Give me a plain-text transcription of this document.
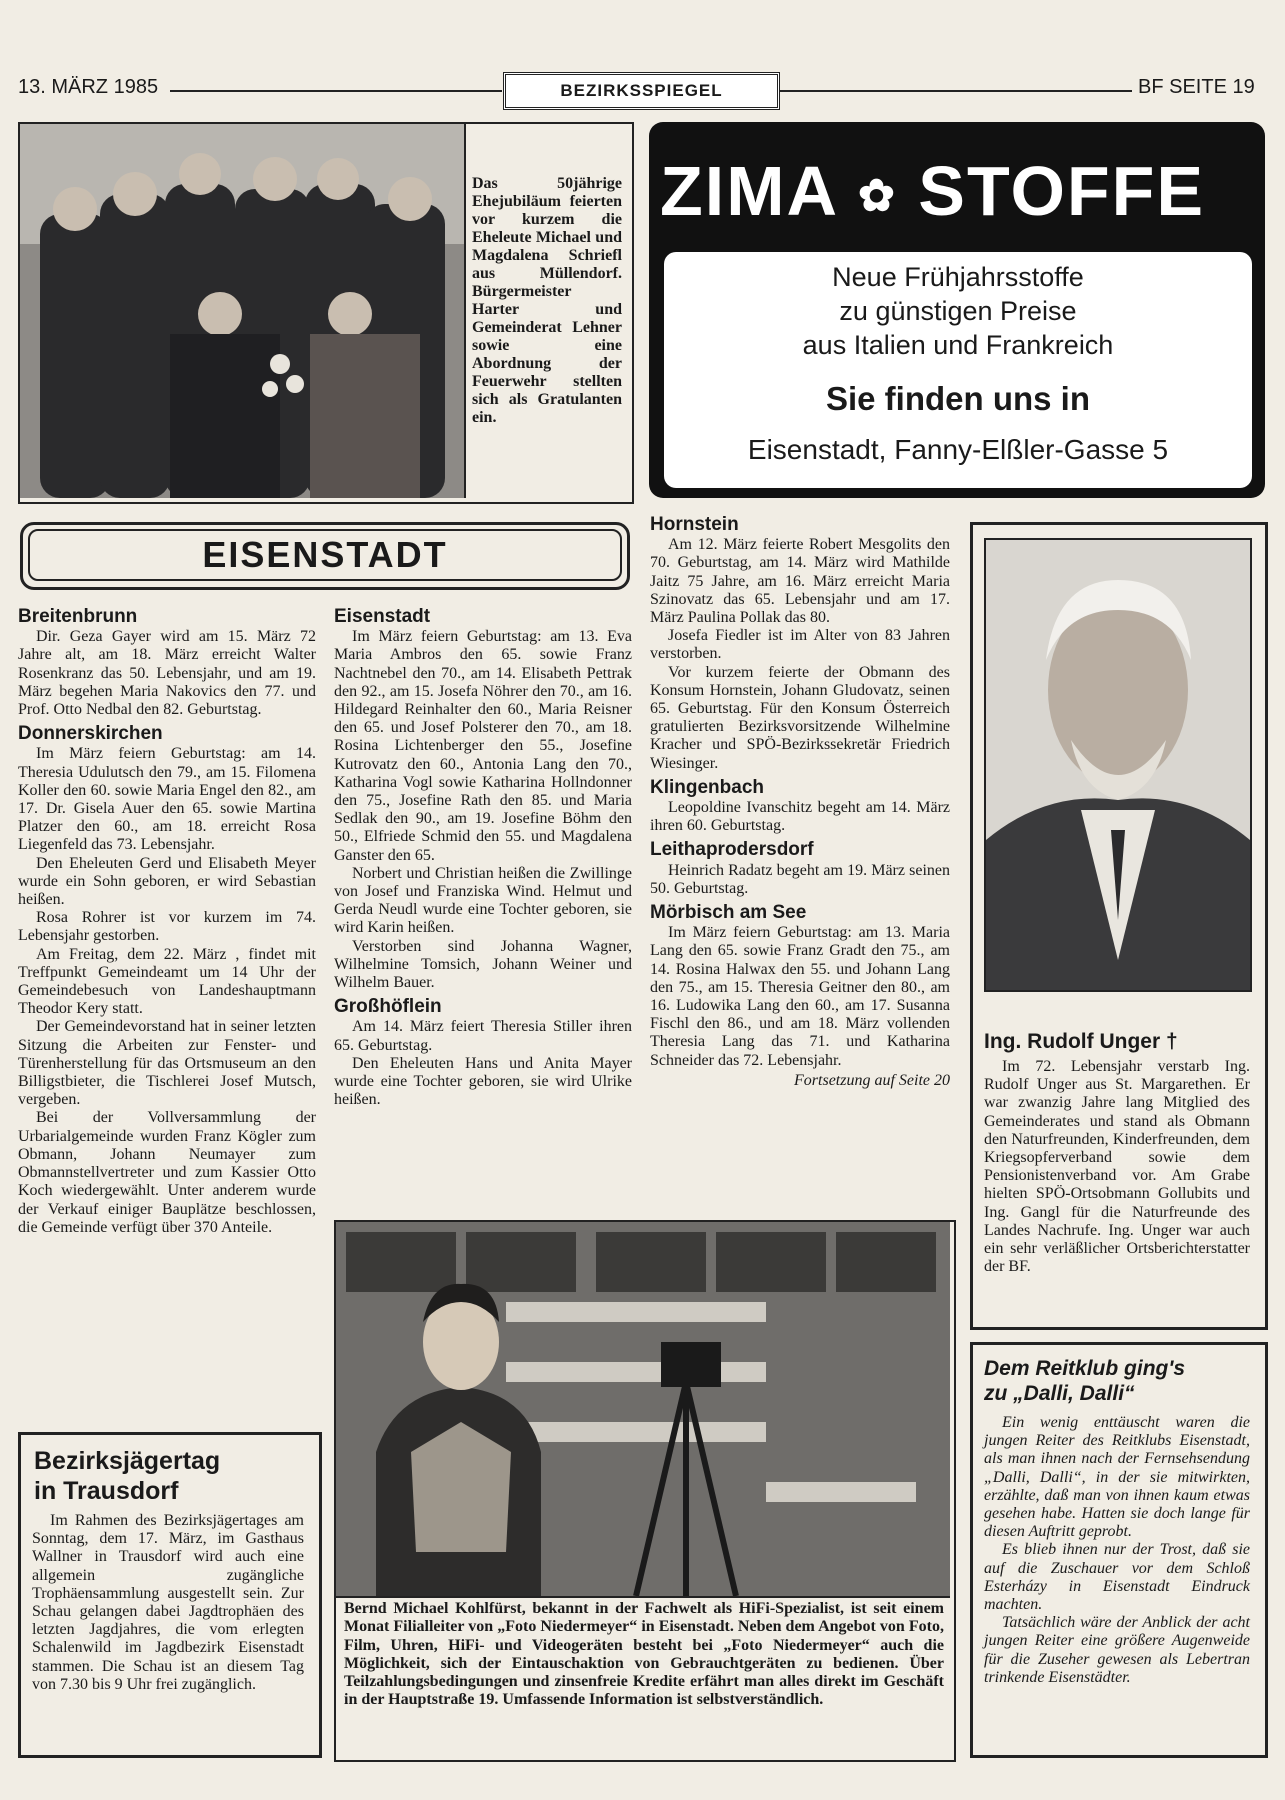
13. MÄRZ 1985	BEZIRKSSPIEGEL	BF SEITE 19
Das 50jährige Ehejubiläum feierten vor kurzem die Eheleute Michael und Magdalena Schriefl aus Müllendorf. Bürgermeister Harter und Gemeinderat Lehner sowie eine Abordnung der Feuerwehr stellten sich als Gratulanten ein.
ZIMA ✿ STOFFE
Neue Frühjahrsstoffe
zu günstigen Preise
aus Italien und Frankreich
Sie finden uns in
Eisenstadt, Fanny-Elßler-Gasse 5
EISENSTADT
Breitenbrunn

Dir. Geza Gayer wird am 15. März 72 Jahre alt, am 18. März erreicht Walter Rosenkranz das 50. Lebensjahr, und am 19. März begehen Maria Nakovics den 77. und Prof. Otto Nedbal den 82. Geburtstag.

Donnerskirchen

Im März feiern Geburtstag: am 14. Theresia Udulutsch den 79., am 15. Filomena Koller den 60. sowie Maria Engel den 82., am 17. Dr. Gisela Auer den 65. sowie Martina Platzer den 60., am 18. erreicht Rosa Liegenfeld das 73. Lebensjahr.

Den Eheleuten Gerd und Elisabeth Meyer wurde ein Sohn geboren, er wird Sebastian heißen.

Rosa Rohrer ist vor kurzem im 74. Lebensjahr gestorben.

Am Freitag, dem 22. März , findet mit Treffpunkt Gemeindeamt um 14 Uhr der Gemeindebesuch von Landeshauptmann Theodor Kery statt.

Der Gemeindevorstand hat in seiner letzten Sitzung die Arbeiten zur Fenster- und Türenherstellung für das Ortsmuseum an den Billigstbieter, die Tischlerei Josef Mutsch, vergeben.

Bei der Vollversammlung der Urbarialgemeinde wurden Franz Kögler zum Obmann, Johann Neumayer zum Obmannstellvertreter und zum Kassier Otto Koch wiedergewählt. Unter anderem wurde der Verkauf einiger Bauplätze beschlossen, die Gemeinde verfügt über 370 Anteile.

Eisenstadt

Im März feiern Geburtstag: am 13. Eva Maria Ambros den 65. sowie Franz Nachtnebel den 70., am 14. Elisabeth Pettrak den 92., am 15. Josefa Nöhrer den 70., am 16. Hildegard Reinhalter den 60., Maria Reisner den 65. und Josef Polsterer den 70., am 18. Rosina Lichtenberger den 55., Josefine Kutrovatz den 60., Antonia Lang den 70., Katharina Vogl sowie Katharina Hollndonner den 75., Josefine Rath den 85. und Maria Sedlak den 90., am 19. Josefine Böhm den 50., Elfriede Schmid den 55. und Magdalena Ganster den 65.

Norbert und Christian heißen die Zwillinge von Josef und Franziska Wind. Helmut und Gerda Neudl wurde eine Tochter geboren, sie wird Karin heißen.

Verstorben sind Johanna Wagner, Wilhelmine Tomsich, Johann Weiner und Wilhelm Bauer.

Großhöflein

Am 14. März feiert Theresia Stiller ihren 65. Geburtstag.

Den Eheleuten Hans und Anita Mayer wurde eine Tochter geboren, sie wird Ulrike heißen.

Hornstein

Am 12. März feierte Robert Mesgolits den 70. Geburtstag, am 14. März wird Mathilde Jaitz 75 Jahre, am 16. März erreicht Maria Szinovatz das 65. Lebensjahr und am 17. März Paulina Pollak das 80.

Josefa Fiedler ist im Alter von 83 Jahren verstorben.

Vor kurzem feierte der Obmann des Konsum Hornstein, Johann Gludovatz, seinen 65. Geburtstag. Für den Konsum Österreich gratulierten Bezirksvorsitzende Wilhelmine Kracher und SPÖ-Bezirkssekretär Friedrich Wiesinger.

Klingenbach

Leopoldine Ivanschitz begeht am 14. März ihren 60. Geburtstag.

Leithaprodersdorf

Heinrich Radatz begeht am 19. März seinen 50. Geburtstag.

Mörbisch am See

Im März feiern Geburtstag: am 13. Maria Lang den 65. sowie Franz Gradt den 75., am 14. Rosina Halwax den 55. und Johann Lang den 75., am 15. Theresia Geitner den 80., am 16. Ludowika Lang den 60., am 17. Susanna Fischl den 86., und am 18. März vollenden Theresia Lang das 71. und Katharina Schneider das 72. Lebensjahr.

Fortsetzung auf Seite 20
Ing. Rudolf Unger †

Im 72. Lebensjahr verstarb Ing. Rudolf Unger aus St. Margarethen. Er war zwanzig Jahre lang Mitglied des Gemeinderates und stand als Obmann den Naturfreunden, Kinderfreunden, dem Kriegsopferverband sowie dem Pensionistenverband vor. Am Grabe hielten SPÖ-Ortsobmann Gollubits und Ing. Gangl für die Naturfreunde des Landes Nachrufe. Ing. Unger war auch ein sehr verläßlicher Ortsberichterstatter der BF.

Bezirksjägertag
in Trausdorf

Im Rahmen des Bezirksjägertages am Sonntag, dem 17. März, im Gasthaus Wallner in Trausdorf wird auch eine allgemein zugängliche Trophäensammlung ausgestellt sein. Zur Schau gelangen dabei Jagdtrophäen des letzten Jagdjahres, die vom erlegten Schalenwild im Jagdbezirk Eisenstadt stammen. Die Schau ist an diesem Tag von 7.30 bis 9 Uhr frei zugänglich.

Bernd Michael Kohlfürst, bekannt in der Fachwelt als HiFi-Spezialist, ist seit einem Monat Filialleiter von „Foto Niedermeyer“ in Eisenstadt. Neben dem Angebot von Foto, Film, Uhren, HiFi- und Videogeräten besteht bei „Foto Niedermeyer“ auch die Möglichkeit, sich der Eintauschaktion von Gebrauchtgeräten zu bedienen. Über Teilzahlungsbedingungen und zinsenfreie Kredite erfährt man alles direkt im Geschäft in der Hauptstraße 19. Umfassende Information ist selbstverständlich.
Dem Reitklub ging's
zu „Dalli, Dalli“

Ein wenig enttäuscht waren die jungen Reiter des Reitklubs Eisenstadt, als man ihnen nach der Fernsehsendung „Dalli, Dalli“, in der sie mitwirkten, erzählte, daß man von ihnen kaum etwas gesehen habe. Hatten sie doch lange für diesen Auftritt geprobt.

Es blieb ihnen nur der Trost, daß sie auf die Zuschauer vor dem Schloß Esterházy in Eisenstadt Eindruck machten.

Tatsächlich wäre der Anblick der acht jungen Reiter eine größere Augenweide für die Zuseher gewesen als Lebertran trinkende Eisenstädter.
